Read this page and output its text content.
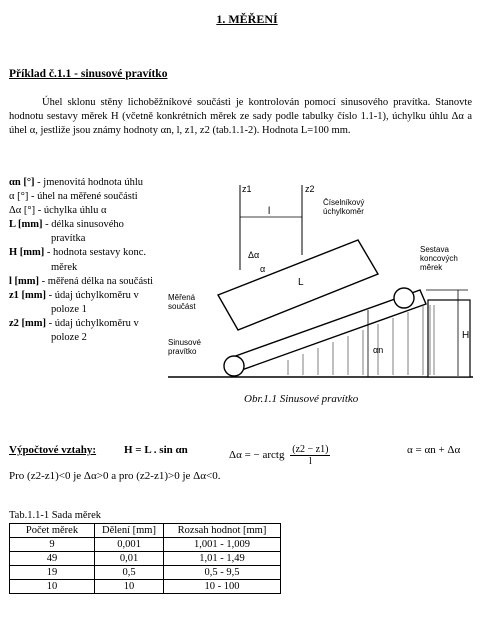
1. MĚŘENÍ
Příklad č.1.1 - sinusové pravítko

Úhel sklonu stěny lichoběžníkové součásti je kontrolován pomocí sinusového pravítka. Stanovte hodnotu sestavy měrek H (včetně konkrétních měrek ze sady podle tabulky číslo 1.1-1), úchylku úhlu Δα a úhel α, jestliže jsou známy hodnoty αn, l, z1, z2 (tab.1.1-2). Hodnota L=100 mm.

αn [°] - jmenovitá hodnota úhlu
α [°] - úhel na měřené součásti
Δα [°] - úchylka úhlu α
L [mm] - délka sinusového pravítka
H [mm] - hodnota sestavy konc. měrek
l [mm] - měřená délka na součásti
z1 [mm] - údaj úchylkoměru v poloze 1
z2 [mm] - údaj úchylkoměru v poloze 2
z1	z2
l
L
H
Δα
α
αn
Číselníkový úchylkoměr
Sestava koncových měrek
Měřená součást
Sinusové pravítko
Obr.1.1 Sinusové pravítko
Výpočtové vztahy:	H = L . sin αn	Δα = − arctg $\frac{(z2 - z1)}{l}$	α = αn + Δα
Pro (z2-z1)<0 je Δα>0 a pro (z2-z1)>0 je Δα<0.
Tab.1.1-1 Sada měrek
Počet měrek	Dělení [mm]	Rozsah hodnot [mm]
9	0,001	1,001 - 1,009
49	0,01	1,01 - 1,49
19	0,5	0,5 - 9,5
10	10	10 - 100
